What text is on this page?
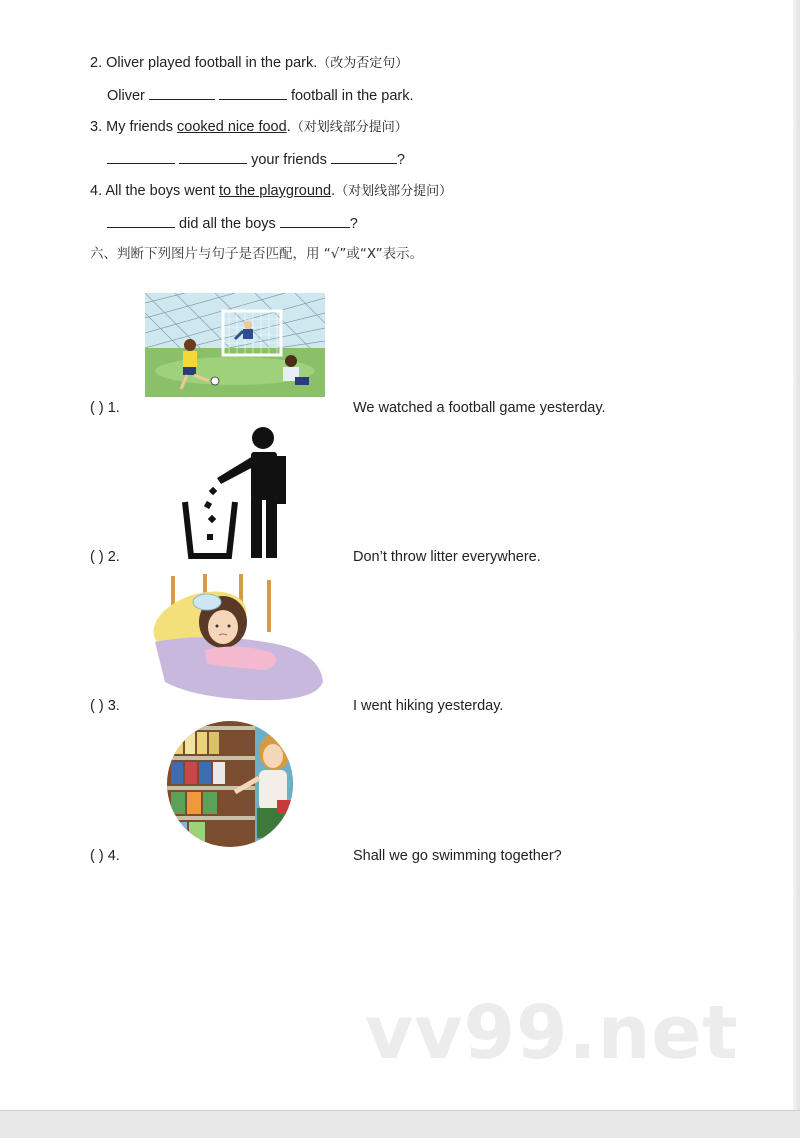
2. Oliver played football in the park.（改为否定句）
Oliver	football in the park.
3. My friends cooked nice food.（对划线部分提问）
your friends	?
4. All the boys went to the playground.（对划线部分提问）
did all the boys	?
六、判断下列图片与句子是否匹配，用 “√”或“X”表示。
( ) 1.	We watched a football game yesterday.
( ) 2.	Don’t throw litter everywhere.
( ) 3.	I went hiking yesterday.
( ) 4.	Shall we go swimming together?
vv99.net
